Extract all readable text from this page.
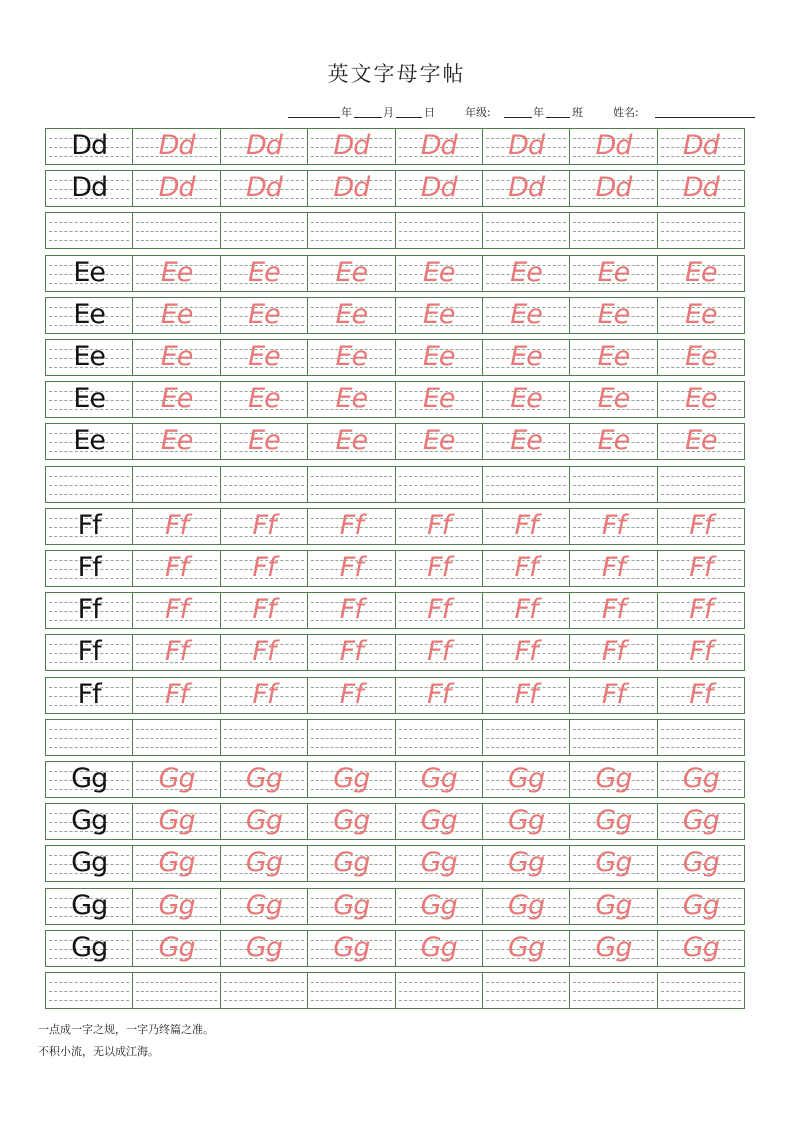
英文字母字帖
年	月	日	年级:	年	班	姓名:
Dd	Dd	Dd	Dd	Dd	Dd	Dd	Dd
Dd	Dd	Dd	Dd	Dd	Dd	Dd	Dd
Ee	Ee	Ee	Ee	Ee	Ee	Ee	Ee
Ee	Ee	Ee	Ee	Ee	Ee	Ee	Ee
Ee	Ee	Ee	Ee	Ee	Ee	Ee	Ee
Ee	Ee	Ee	Ee	Ee	Ee	Ee	Ee
Ee	Ee	Ee	Ee	Ee	Ee	Ee	Ee
Ff	Ff	Ff	Ff	Ff	Ff	Ff	Ff
Ff	Ff	Ff	Ff	Ff	Ff	Ff	Ff
Ff	Ff	Ff	Ff	Ff	Ff	Ff	Ff
Ff	Ff	Ff	Ff	Ff	Ff	Ff	Ff
Ff	Ff	Ff	Ff	Ff	Ff	Ff	Ff
Gg	Gg	Gg	Gg	Gg	Gg	Gg	Gg
Gg	Gg	Gg	Gg	Gg	Gg	Gg	Gg
Gg	Gg	Gg	Gg	Gg	Gg	Gg	Gg
Gg	Gg	Gg	Gg	Gg	Gg	Gg	Gg
Gg	Gg	Gg	Gg	Gg	Gg	Gg	Gg
一点成一字之规，一字乃终篇之准。
不积小流，无以成江海。
